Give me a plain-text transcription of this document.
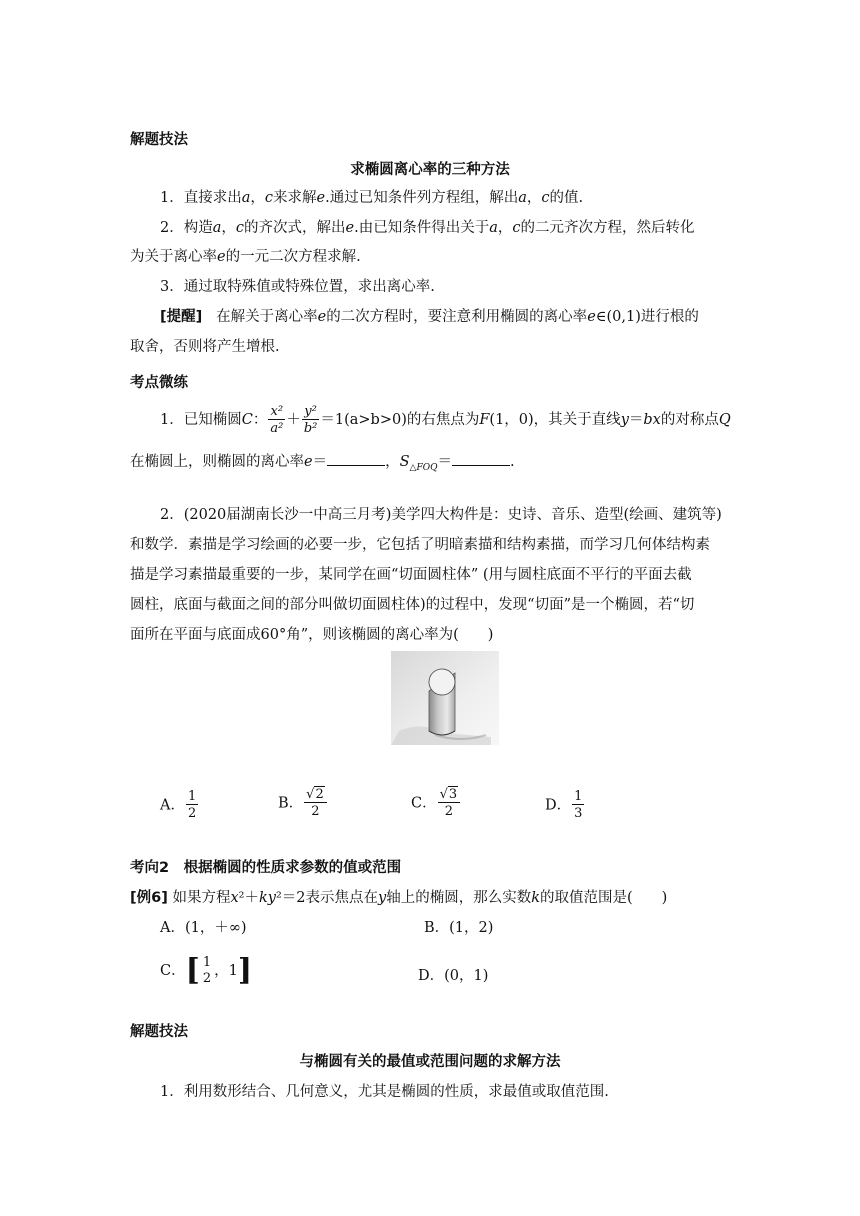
解题技法
求椭圆离心率的三种方法
1．直接求出a，c来求解e.通过已知条件列方程组，解出a，c的值.
2．构造a，c的齐次式，解出e.由已知条件得出关于a，c的二元齐次方程，然后转化
为关于离心率e的一元二次方程求解.
3．通过取特殊值或特殊位置，求出离心率.
[提醒] 在解关于离心率e的二次方程时，要注意利用椭圆的离心率e∈(0,1)进行根的
取舍，否则将产生增根.
考点微练
1．已知椭圆C： $\frac{\text{x²}}{\text{a²}} + \frac{\text{y²}}{\text{b²}} =1(a>b>0)$的右焦点为F(1，0)，其关于直线y＝bx的对称点Q
在椭圆上，则椭圆的离心率e＝	，$S_{\triangle FOQ}=$	.
2．(2020届湖南长沙一中高三月考)美学四大构件是：史诗、音乐、造型(绘画、建筑等)
和数学．素描是学习绘画的必要一步，它包括了明暗素描和结构素描，而学习几何体结构素
描是学习素描最重要的一步，某同学在画“切面圆柱体” (用与圆柱底面不平行的平面去截
圆柱，底面与截面之间的部分叫做切面圆柱体)的过程中，发现“切面”是一个椭圆，若“切
面所在平面与底面成60°角”，则该椭圆的离心率为(　　)
A． $\frac{1}{2}$	B． $\frac{√2}{2}$	C． $\frac{√3}{2}$	D． $\frac{1}{3}$
考向2　根据椭圆的性质求参数的值或范围
[例6] 如果方程x²＋ky²＝2表示焦点在y轴上的椭圆，那么实数k的取值范围是(　　)
A．(1，＋∞)	B．(1，2)
C．[ 1
2 ，1]	D．(0，1)
解题技法
与椭圆有关的最值或范围问题的求解方法
1．利用数形结合、几何意义，尤其是椭圆的性质，求最值或取值范围.
